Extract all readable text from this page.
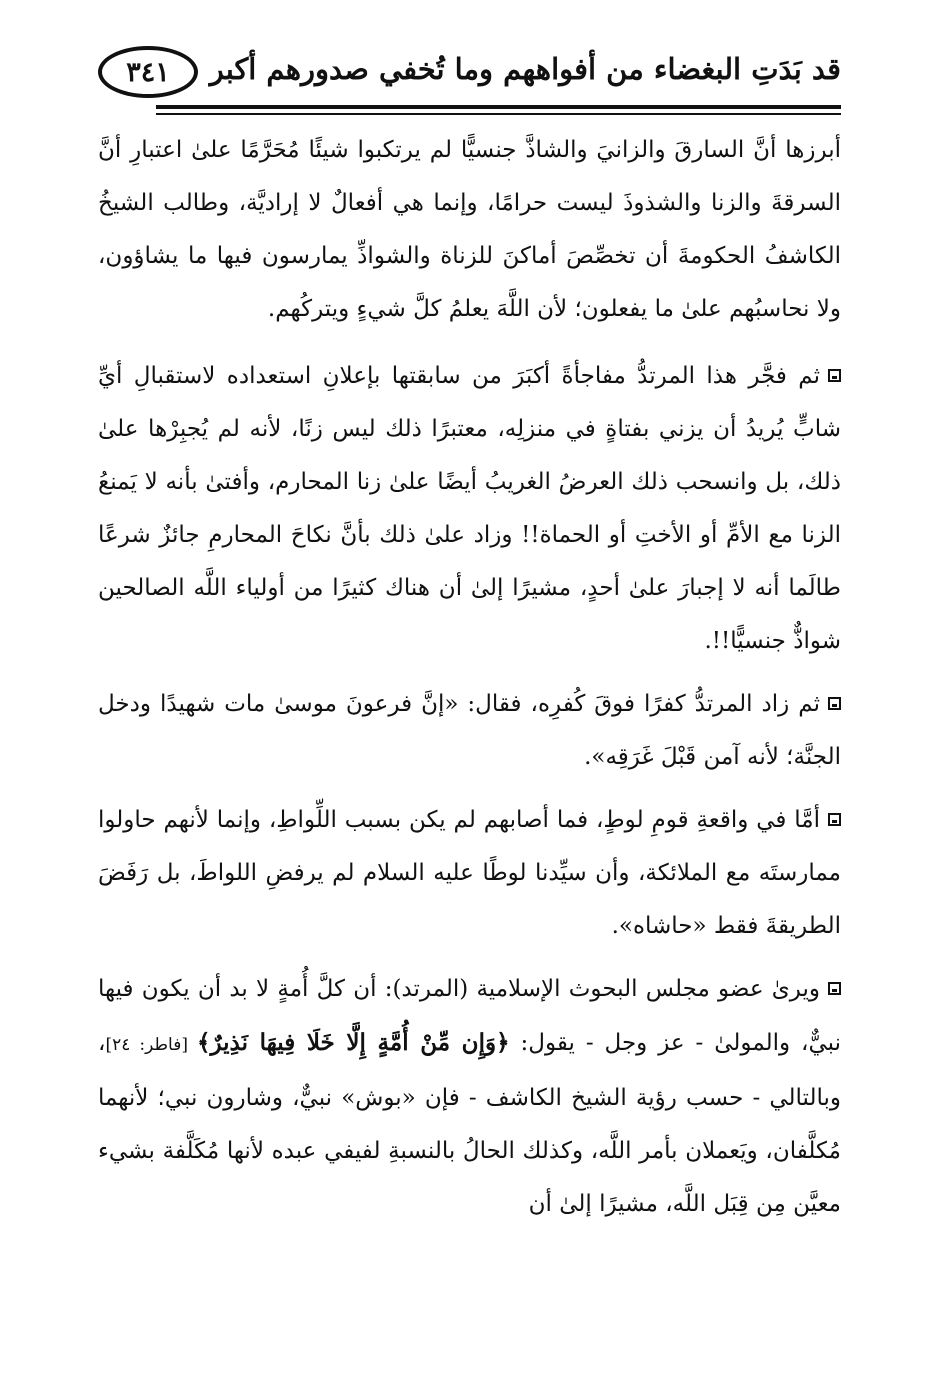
قد بَدَتِ البغضاء من أفواههم وما تُخفي صدورهم أكبر
٣٤١

أبرزها أنَّ السارقَ والزانيَ والشاذَّ جنسيًّا لم يرتكبوا شيئًا مُحَرَّمًا علىٰ اعتبارِ أنَّ السرقةَ والزنا والشذوذَ ليست حرامًا، وإنما هي أفعالٌ لا إراديَّة، وطالب الشيخُ الكاشفُ الحكومةَ أن تخصِّصَ أماكنَ للزناة والشواذِّ يمارسون فيها ما يشاؤون، ولا نحاسبُهم علىٰ ما يفعلون؛ لأن اللَّهَ يعلمُ كلَّ شيءٍ ويتركُهم.

ثم فجَّر هذا المرتدُّ مفاجأةً أكبَرَ من سابقتها بإعلانِ استعداده لاستقبالِ أيِّ شابٍّ يُريدُ أن يزني بفتاةٍ في منزلِه، معتبرًا ذلك ليس زنًا، لأنه لم يُجبِرْها علىٰ ذلك، بل وانسحب ذلك العرضُ الغريبُ أيضًا علىٰ زنا المحارم، وأفتىٰ بأنه لا يَمنعُ الزنا مع الأمِّ أو الأختِ أو الحماة!! وزاد علىٰ ذلك بأنَّ نكاحَ المحارمِ جائزٌ شرعًا طالَما أنه لا إجبارَ علىٰ أحدٍ، مشيرًا إلىٰ أن هناك كثيرًا من أولياء اللَّه الصالحين شواذٌّ جنسيًّا!!.

ثم زاد المرتدُّ كفرًا فوقَ كُفرِه، فقال: «إنَّ فرعونَ موسىٰ مات شهيدًا ودخل الجنَّة؛ لأنه آمن قَبْلَ غَرَقِه».

أمَّا في واقعةِ قومِ لوطٍ، فما أصابهم لم يكن بسبب اللِّواطِ، وإنما لأنهم حاولوا ممارستَه مع الملائكة، وأن سيِّدنا لوطًا عليه السلام لم يرفضِ اللواطَ، بل رَفَضَ الطريقةَ فقط «حاشاه».

ويرىٰ عضو مجلس البحوث الإسلامية (المرتد): أن كلَّ أُمةٍ لا بد أن يكون فيها نبيٌّ، والمولىٰ - عز وجل - يقول: ﴿وَإِن مِّنْ أُمَّةٍ إِلَّا خَلَا فِيهَا نَذِيرٌ﴾ [فاطر: ٢٤]، وبالتالي - حسب رؤية الشيخ الكاشف - فإن «بوش» نبيٌّ، وشارون نبي؛ لأنهما مُكلَّفان، ويَعملان بأمر اللَّه، وكذلك الحالُ بالنسبةِ لفيفي عبده لأنها مُكَلَّفة بشيء معيَّن مِن قِبَل اللَّه، مشيرًا إلىٰ أن
